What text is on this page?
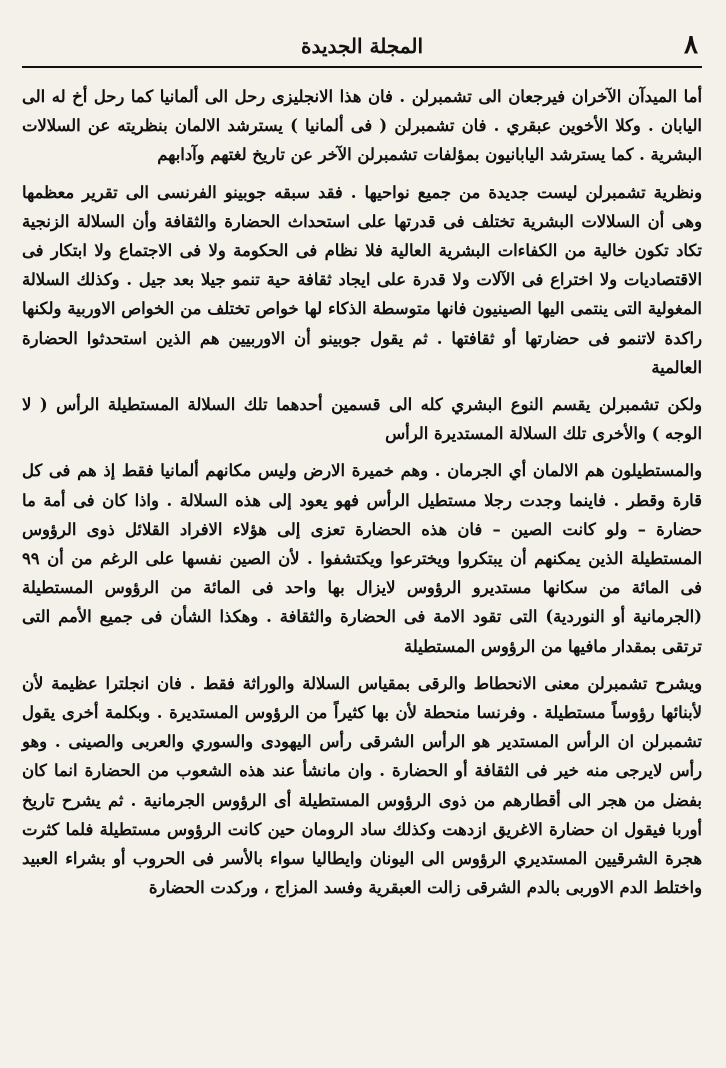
٨
المجلة الجديدة

أما الميدآن الآخران فيرجعان الى تشمبرلن . فان هذا الانجليزى رحل الى ألمانيا كما رحل أخ له الى اليابان . وكلا الأخوين عبقري . فان تشمبرلن ( فى ألمانيا ) يسترشد الالمان بنظريته عن السلالات البشرية . كما يسترشد اليابانيون بمؤلفات تشمبرلن الآخر عن تاريخ لغتهم وآدابهم

ونظرية تشمبرلن ليست جديدة من جميع نواحيها . فقد سبقه جوبينو الفرنسى الى تقرير معظمها وهى أن السلالات البشرية تختلف فى قدرتها على استحداث الحضارة والثقافة وأن السلالة الزنجية تكاد تكون خالية من الكفاءات البشرية العالية فلا نظام فى الحكومة ولا فى الاجتماع ولا ابتكار فى الاقتصاديات ولا اختراع فى الآلات ولا قدرة على ايجاد ثقافة حية تنمو جيلا بعد جيل . وكذلك السلالة المغولية التى ينتمى اليها الصينيون فانها متوسطة الذكاء لها خواص تختلف من الخواص الاوربية ولكنها راكدة لاتنمو فى حضارتها أو ثقافتها . ثم يقول جوبينو أن الاوربيين هم الذين استحدثوا الحضارة العالمية

ولكن تشمبرلن يقسم النوع البشري كله الى قسمين أحدهما تلك السلالة المستطيلة الرأس ( لا الوجه ) والأخرى تلك السلالة المستديرة الرأس

والمستطيلون هم الالمان أي الجرمان . وهم خميرة الارض وليس مكانهم ألمانيا فقط إذ هم فى كل قارة وقطر . فاينما وجدت رجلا مستطيل الرأس فهو يعود إلى هذه السلالة . واذا كان فى أمة ما حضارة – ولو كانت الصين – فان هذه الحضارة تعزى إلى هؤلاء الافراد القلائل ذوى الرؤوس المستطيلة الذين يمكنهم أن يبتكروا ويخترعوا ويكتشفوا . لأن الصين نفسها على الرغم من أن ٩٩ فى المائة من سكانها مستديرو الرؤوس لايزال بها واحد فى المائة من الرؤوس المستطيلة (الجرمانية أو النوردية) التى تقود الامة فى الحضارة والثقافة . وهكذا الشأن فى جميع الأمم التى ترتقى بمقدار مافيها من الرؤوس المستطيلة

ويشرح تشمبرلن معنى الانحطاط والرقى بمقياس السلالة والوراثة فقط . فان انجلترا عظيمة لأن لأبنائها رؤوساً مستطيلة . وفرنسا منحطة لأن بها كثيراً من الرؤوس المستديرة . وبكلمة أخرى يقول تشمبرلن ان الرأس المستدير هو الرأس الشرقى رأس اليهودى والسوري والعربى والصينى . وهو رأس لايرجى منه خير فى الثقافة أو الحضارة . وان مانشأ عند هذه الشعوب من الحضارة انما كان بفضل من هجر الى أقطارهم من ذوى الرؤوس المستطيلة أى الرؤوس الجرمانية . ثم يشرح تاريخ أوربا فيقول ان حضارة الاغريق ازدهت وكذلك ساد الرومان حين كانت الرؤوس مستطيلة فلما كثرت هجرة الشرقيين المستديري الرؤوس الى اليونان وايطاليا سواء بالأسر فى الحروب أو بشراء العبيد واختلط الدم الاوربى بالدم الشرقى زالت العبقرية وفسد المزاج ، وركدت الحضارة
